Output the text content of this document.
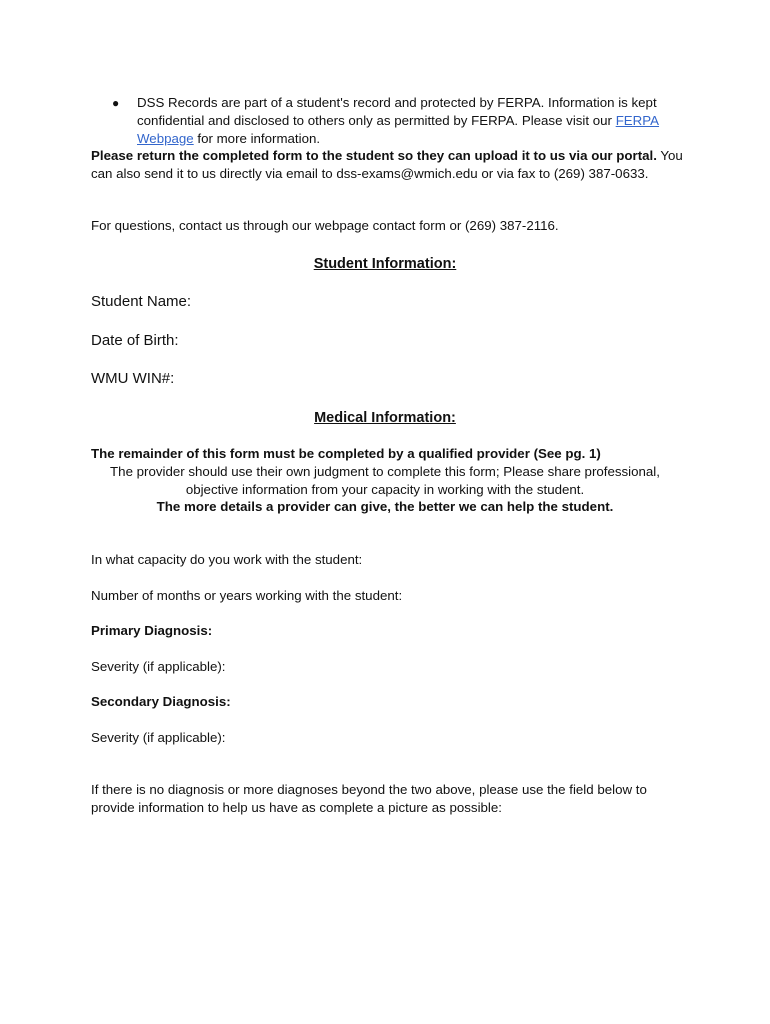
● DSS Records are part of a student's record and protected by FERPA. Information is kept confidential and disclosed to others only as permitted by FERPA. Please visit our FERPA Webpage for more information.
Please return the completed form to the student so they can upload it to us via our portal. You can also send it to us directly via email to dss-exams@wmich.edu or via fax to (269) 387-0633.
For questions, contact us through our webpage contact form or (269) 387-2116.
Student Information:
Student Name:
Date of Birth:
WMU WIN#:
Medical Information:
The remainder of this form must be completed by a qualified provider (See pg. 1)
The provider should use their own judgment to complete this form; Please share professional,
objective information from your capacity in working with the student.
The more details a provider can give, the better we can help the student.
In what capacity do you work with the student:
Number of months or years working with the student:
Primary Diagnosis:
Severity (if applicable):
Secondary Diagnosis:
Severity (if applicable):
If there is no diagnosis or more diagnoses beyond the two above, please use the field below to provide information to help us have as complete a picture as possible:
